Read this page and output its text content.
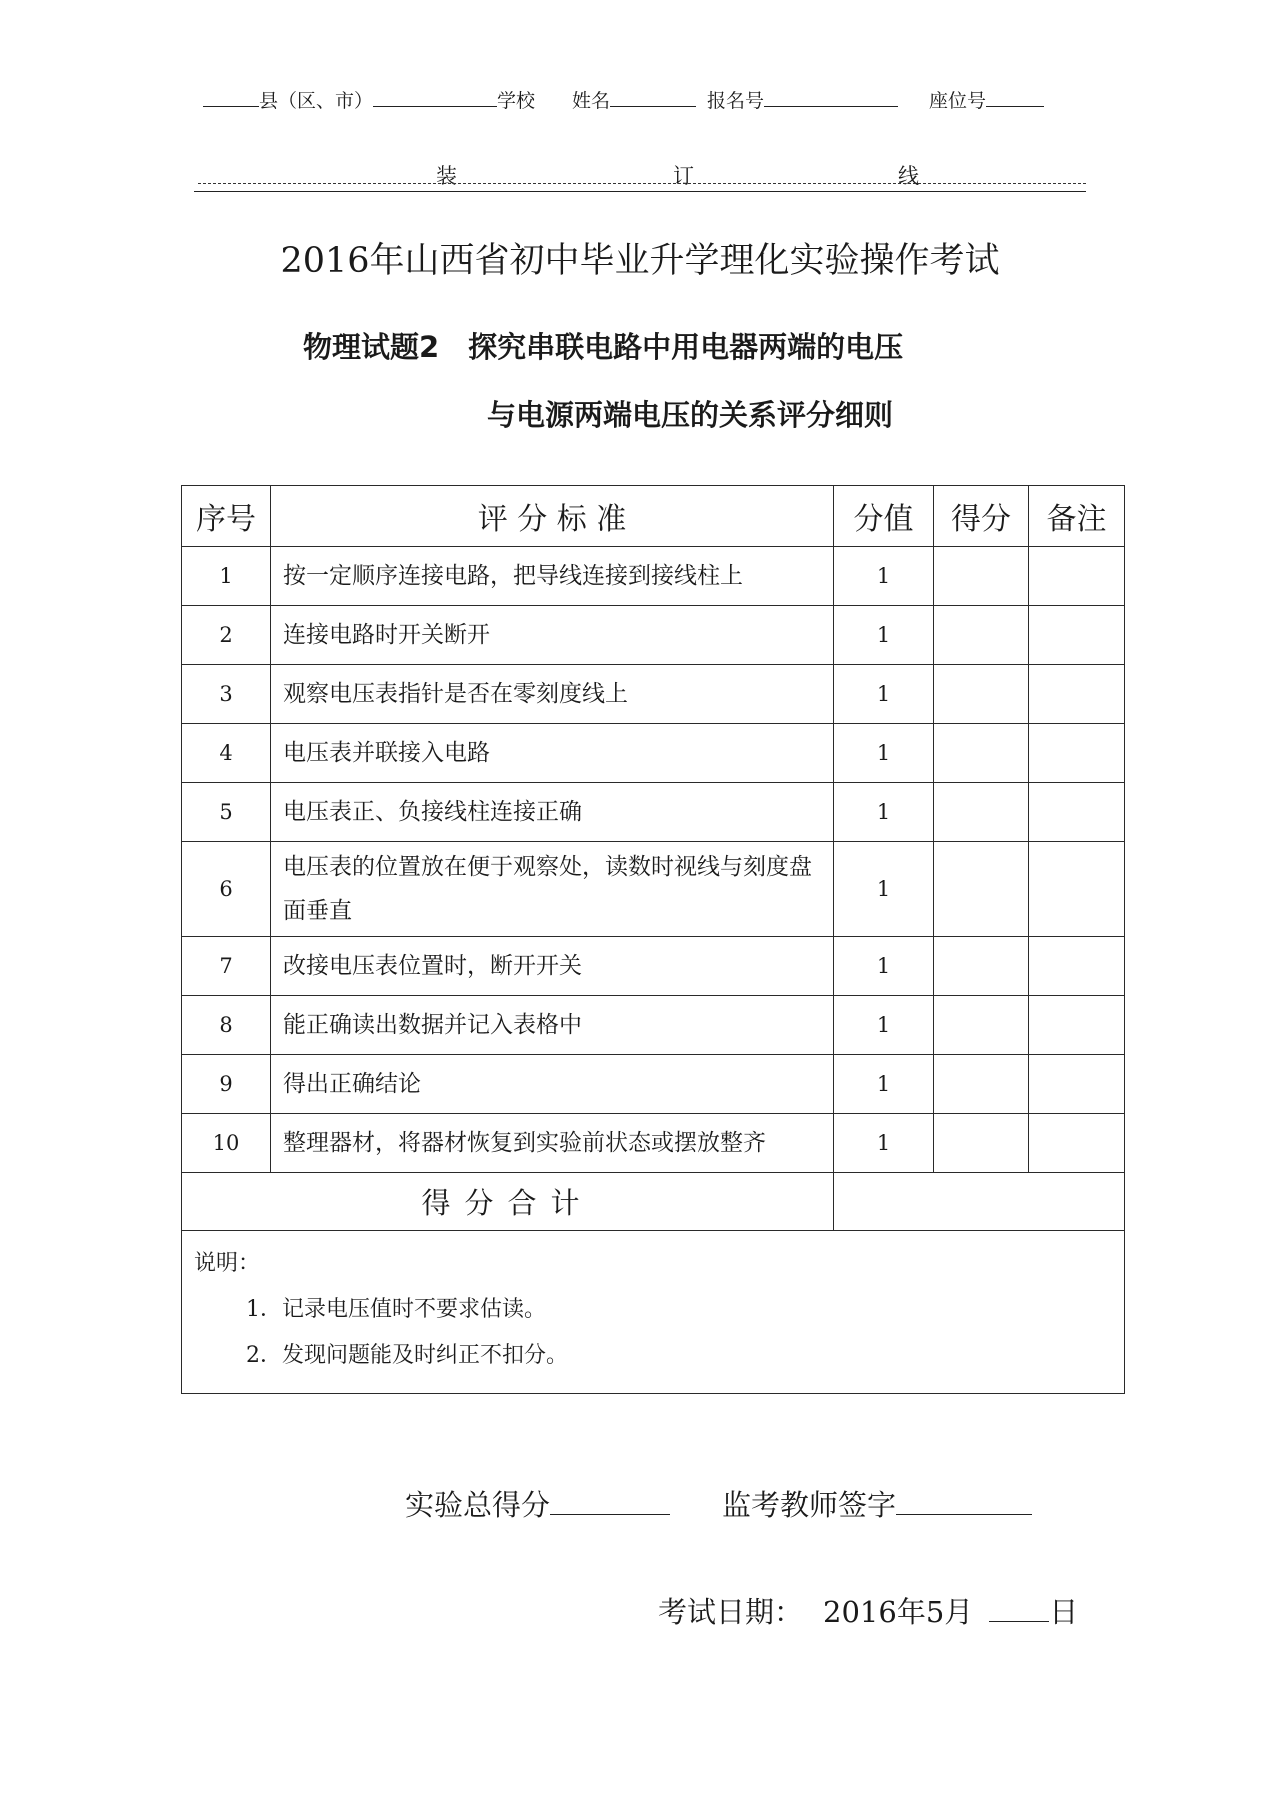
县（区、市）	学校 姓名	报名号	座位号
装	订	线
2016年山西省初中毕业升学理化实验操作考试
物理试题2　探究串联电路中用电器两端的电压
与电源两端电压的关系评分细则
序号	评 分 标 准	分值	得分	备注
1	按一定顺序连接电路，把导线连接到接线柱上	1		
2	连接电路时开关断开	1		
3	观察电压表指针是否在零刻度线上	1		
4	电压表并联接入电路	1		
5	电压表正、负接线柱连接正确	1		
6	电压表的位置放在便于观察处，读数时视线与刻度盘面垂直	1		
7	改接电压表位置时，断开开关	1		
8	能正确读出数据并记入表格中	1		
9	得出正确结论	1		
10	整理器材，将器材恢复到实验前状态或摆放整齐	1		
得分合计				

说明：
1．记录电压值时不要求估读。
2．发现问题能及时纠正不扣分。				
实验总得分	监考教师签字
考试日期： 2016年5月	日
